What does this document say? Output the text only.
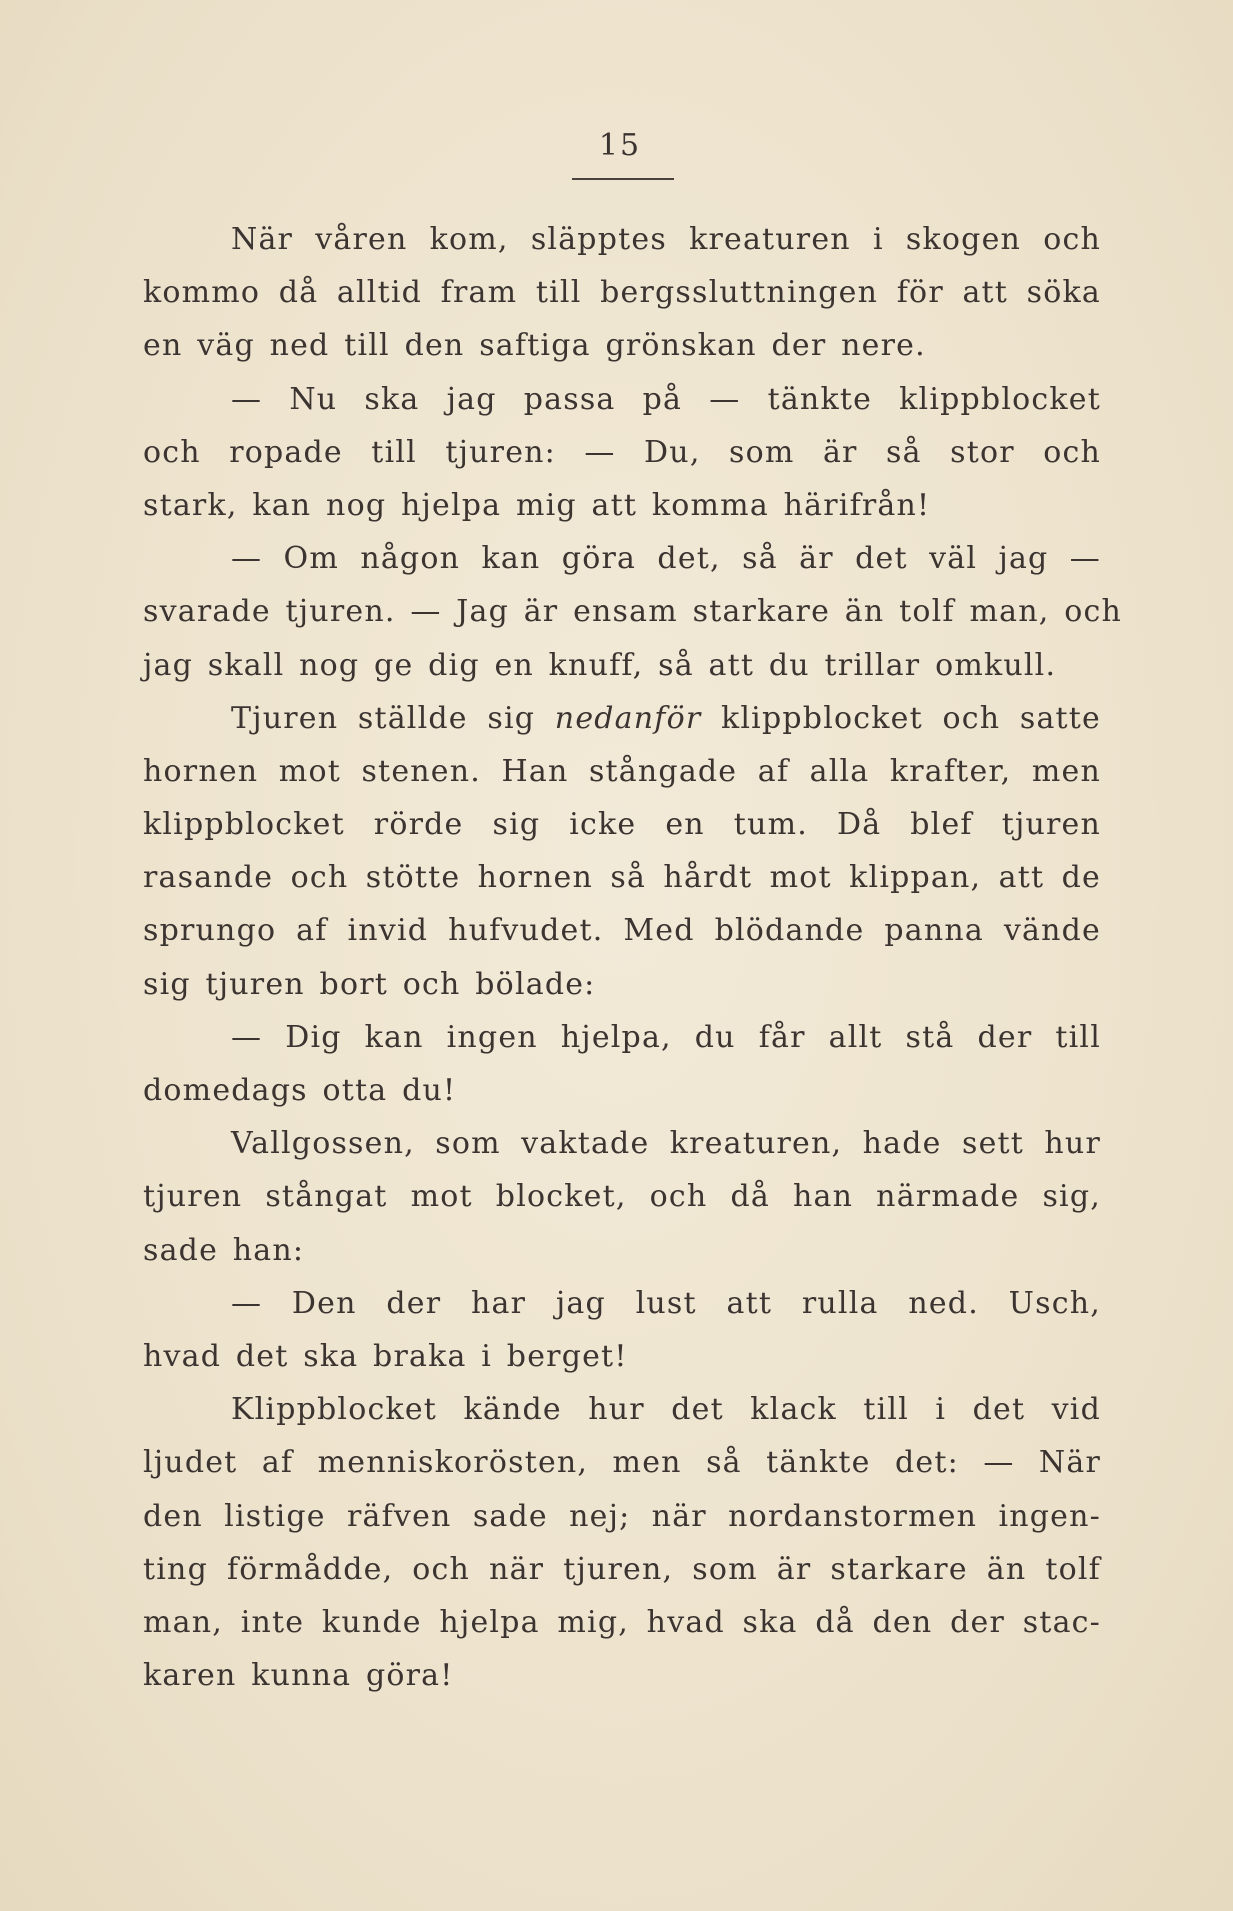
15
När våren kom, släpptes kreaturen i skogen och
kommo då alltid fram till bergssluttningen för att söka
en väg ned till den saftiga grönskan der nere.
— Nu ska jag passa på — tänkte klippblocket
och ropade till tjuren: — Du, som är så stor och
stark, kan nog hjelpa mig att komma härifrån!
— Om någon kan göra det, så är det väl jag —
svarade tjuren. — Jag är ensam starkare än tolf man, och
jag skall nog ge dig en knuff, så att du trillar omkull.
Tjuren ställde sig nedanför klippblocket och satte
hornen mot stenen. Han stångade af alla krafter, men
klippblocket rörde sig icke en tum. Då blef tjuren
rasande och stötte hornen så hårdt mot klippan, att de
sprungo af invid hufvudet. Med blödande panna vände
sig tjuren bort och bölade:
— Dig kan ingen hjelpa, du får allt stå der till
domedags otta du!
Vallgossen, som vaktade kreaturen, hade sett hur
tjuren stångat mot blocket, och då han närmade sig,
sade han:
— Den der har jag lust att rulla ned. Usch,
hvad det ska braka i berget!
Klippblocket kände hur det klack till i det vid
ljudet af menniskorösten, men så tänkte det: — När
den listige räfven sade nej; när nordanstormen ingen-
ting förmådde, och när tjuren, som är starkare än tolf
man, inte kunde hjelpa mig, hvad ska då den der stac-
karen kunna göra!
